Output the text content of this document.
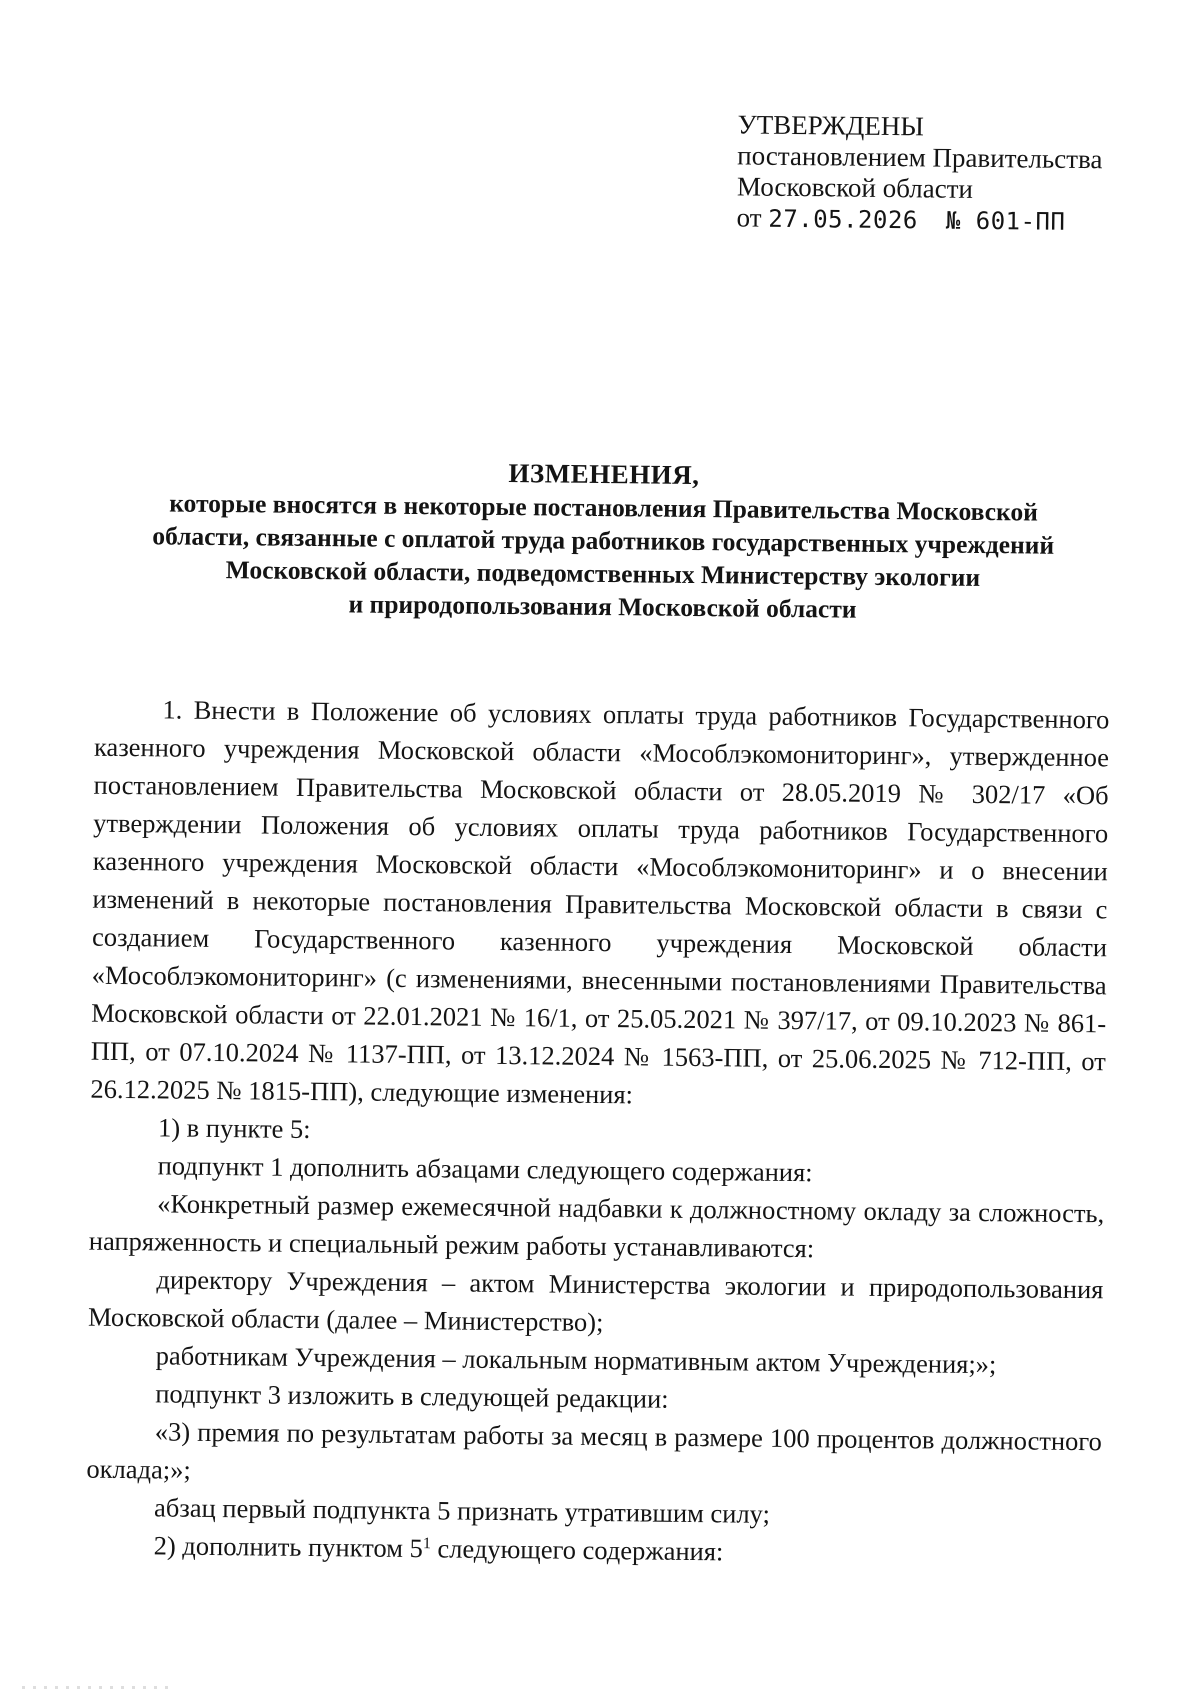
УТВЕРЖДЕНЫ
постановлением Правительства
Московской области
от 27.05.2026 № 601-ПП
ИЗМЕНЕНИЯ,
которые вносятся в некоторые постановления Правительства Московской
области, связанные с оплатой труда работников государственных учреждений
Московской области, подведомственных Министерству экологии
и природопользования Московской области

1. Внести в Положение об условиях оплаты труда работников Государственного казенного учреждения Московской области «Мособлэкомониторинг», утвержденное постановлением Правительства Московской области от 28.05.2019 № 302/17 «Об утверждении Положения об условиях оплаты труда работников Государственного казенного учреждения Московской области «Мособлэкомониторинг» и о внесении изменений в некоторые постановления Правительства Московской области в связи с созданием Государственного казенного учреждения Московской области «Мособлэкомониторинг» (с изменениями, внесенными постановлениями Правительства Московской области от 22.01.2021 № 16/1, от 25.05.2021 № 397/17, от 09.10.2023 № 861-ПП, от 07.10.2024 № 1137-ПП, от 13.12.2024 № 1563-ПП, от 25.06.2025 № 712-ПП, от 26.12.2025 № 1815-ПП), следующие изменения:

1) в пункте 5:

подпункт 1 дополнить абзацами следующего содержания:

«Конкретный размер ежемесячной надбавки к должностному окладу за сложность, напряженность и специальный режим работы устанавливаются:

директору Учреждения – актом Министерства экологии и природопользования Московской области (далее – Министерство);

работникам Учреждения – локальным нормативным актом Учреждения;»;

подпункт 3 изложить в следующей редакции:

«3) премия по результатам работы за месяц в размере 100 процентов должностного оклада;»;

абзац первый подпункта 5 признать утратившим силу;

2) дополнить пунктом $5^1$ следующего содержания:
